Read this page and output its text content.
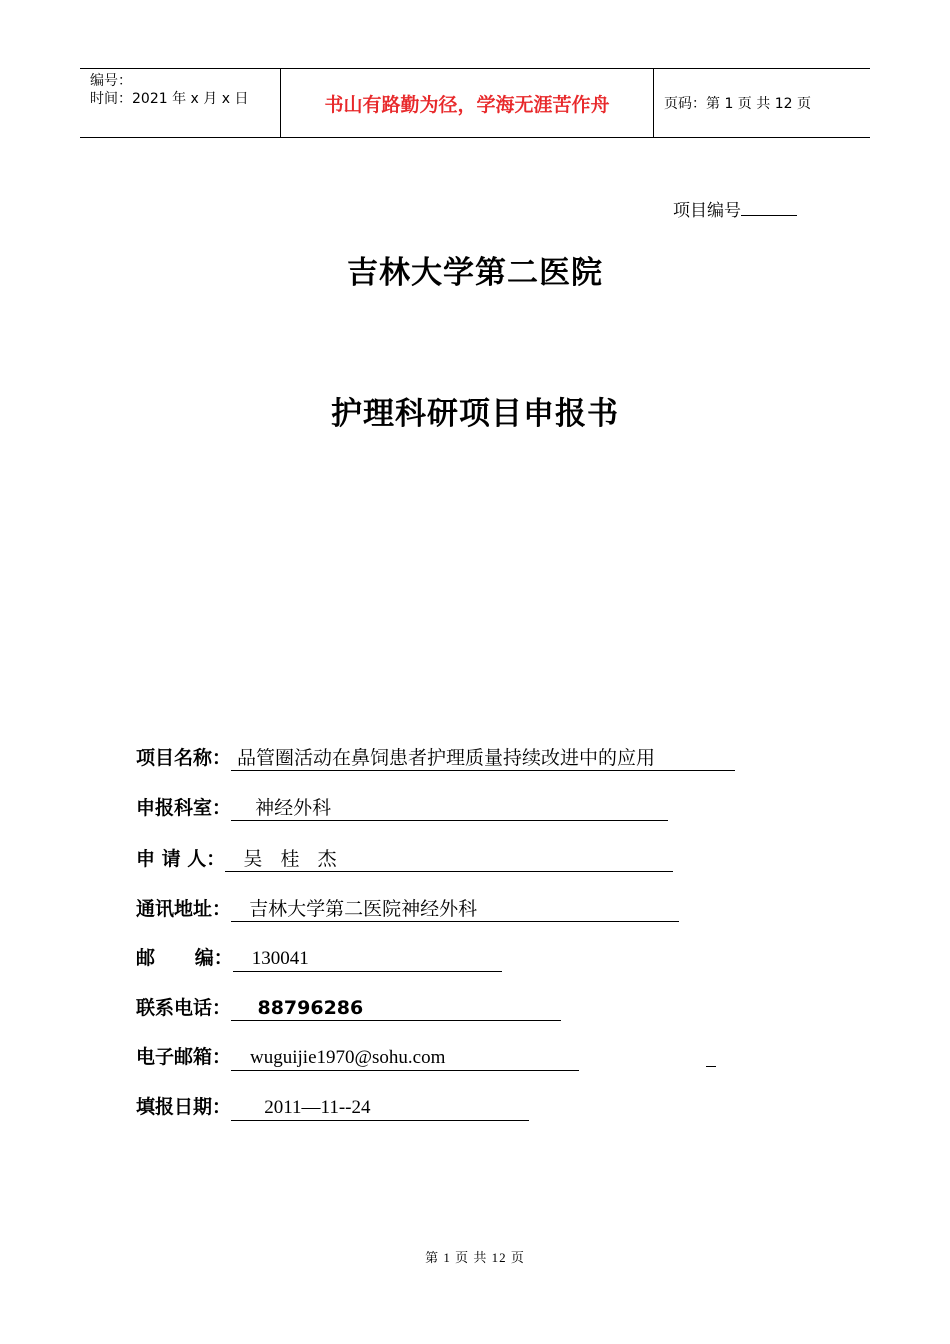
编号：
时间：2021 年 x 月 x 日	书山有路勤为径，学海无涯苦作舟	页码：第 1 页 共 12 页
项目编号
吉林大学第二医院
护理科研项目申报书
项目名称： 品管圈活动在鼻饲患者护理质量持续改进中的应用
申报科室：    神经外科
申 请 人：   吴   桂   杰
通讯地址：   吉林大学第二医院神经外科
邮      编：    130041
联系电话：    88796286
电子邮箱：    wuguijie1970@sohu.com
填报日期：       2011—11--24
第 1 页 共 12 页
